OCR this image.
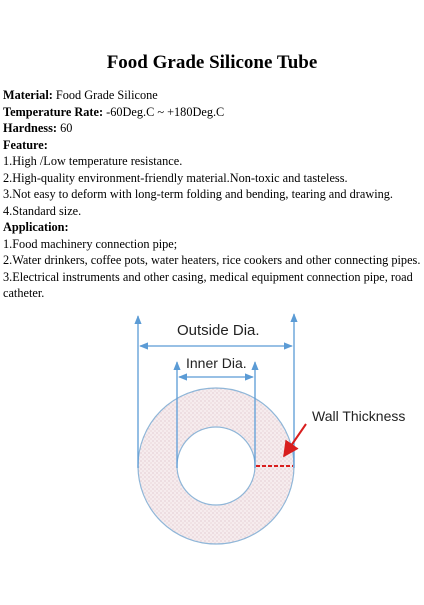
Food Grade Silicone Tube
Material: Food Grade Silicone
Temperature Rate: -60Deg.C ~ +180Deg.C
Hardness: 60
Feature:
1.High /Low temperature resistance.
2.High-quality environment-friendly material.Non-toxic and tasteless.
3.Not easy to deform with long-term folding and bending, tearing and drawing.
4.Standard size.
Application:
1.Food machinery connection pipe;
2.Water drinkers, coffee pots, water heaters, rice cookers and other connecting pipes.
3.Electrical instruments and other casing, medical equipment connection pipe, road catheter.
Outside Dia.
Inner Dia.
Wall Thickness
